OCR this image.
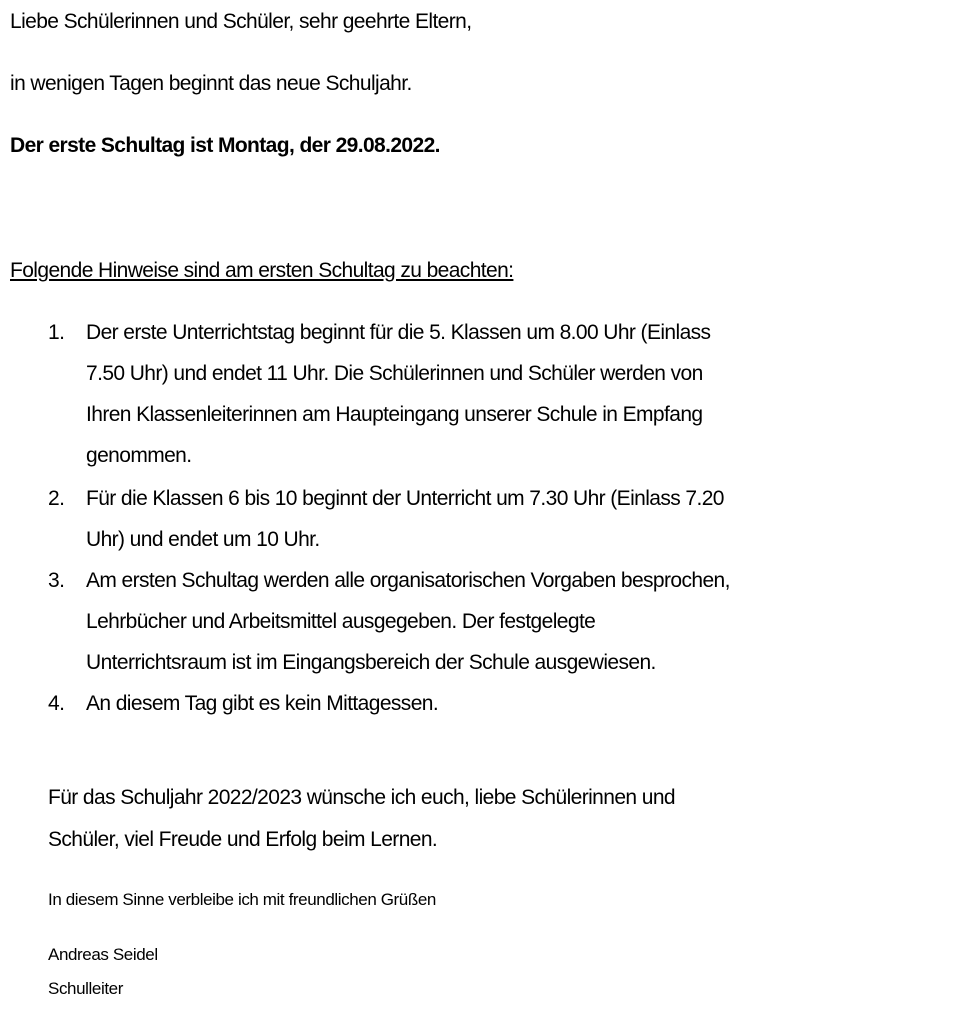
Liebe Schülerinnen und Schüler, sehr geehrte Eltern,
in wenigen Tagen beginnt das neue Schuljahr.
Der erste Schultag ist Montag, der 29.08.2022.
Folgende Hinweise sind am ersten Schultag zu beachten:
1. Der erste Unterrichtstag beginnt für die 5. Klassen um 8.00 Uhr (Einlass
7.50 Uhr) und endet 11 Uhr. Die Schülerinnen und Schüler werden von
Ihren Klassenleiterinnen am Haupteingang unserer Schule in Empfang
genommen.
2. Für die Klassen 6 bis 10 beginnt der Unterricht um 7.30 Uhr (Einlass 7.20
Uhr) und endet um 10 Uhr.
3. Am ersten Schultag werden alle organisatorischen Vorgaben besprochen,
Lehrbücher und Arbeitsmittel ausgegeben. Der festgelegte
Unterrichtsraum ist im Eingangsbereich der Schule ausgewiesen.
4. An diesem Tag gibt es kein Mittagessen.
Für das Schuljahr 2022/2023 wünsche ich euch, liebe Schülerinnen und
Schüler, viel Freude und Erfolg beim Lernen.
In diesem Sinne verbleibe ich mit freundlichen Grüßen
Andreas Seidel
Schulleiter
